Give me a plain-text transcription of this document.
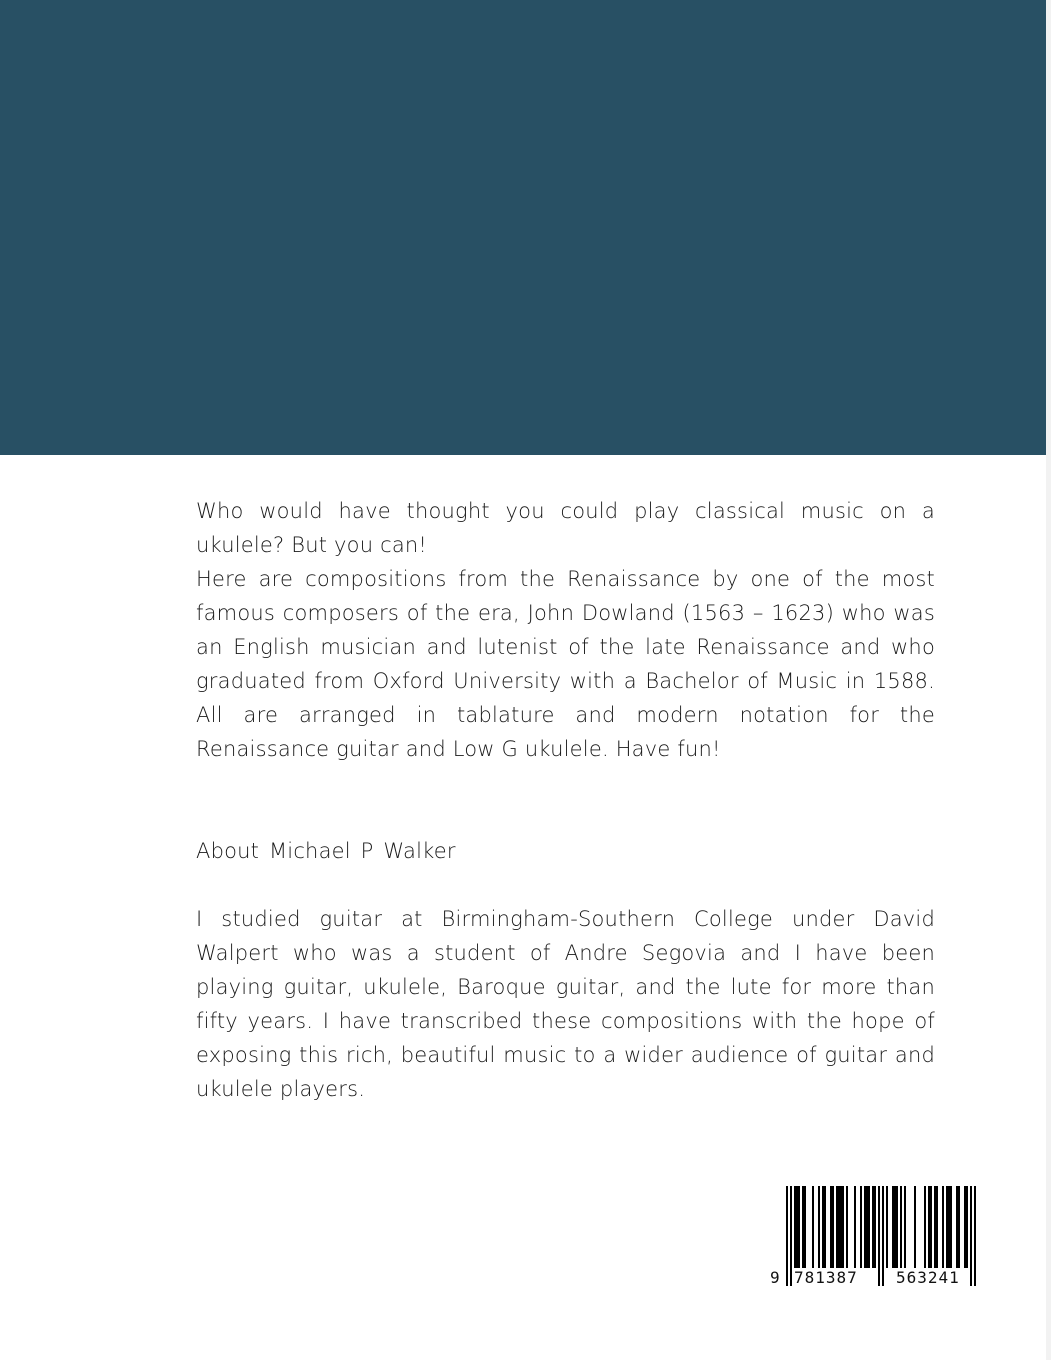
Who would have thought you could play classical music on a ukulele? But you can!

Here are compositions from the Renaissance by one of the most famous composers of the era, John Dowland (1563 – 1623) who was an English musician and lutenist of the late Renaissance and who graduated from Oxford University with a Bachelor of Music in 1588. All are arranged in tablature and modern notation for the Renaissance guitar and Low G ukulele. Have fun!

About Michael P Walker

I studied guitar at Birmingham-Southern College under David Walpert who was a student of Andre Segovia and I have been playing guitar, ukulele, Baroque guitar, and the lute for more than fifty years. I have transcribed these compositions with the hope of exposing this rich, beautiful music to a wider audience of guitar and ukulele players.

9 781387 563241
